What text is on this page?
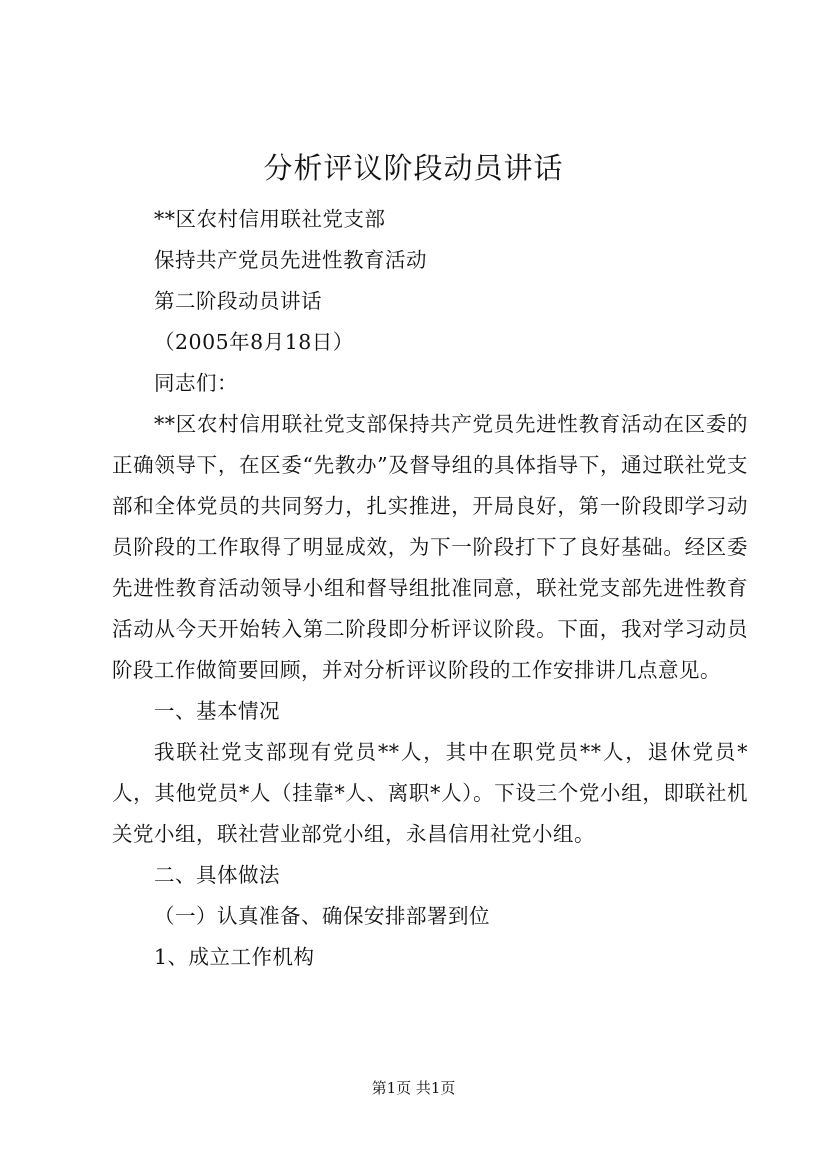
分析评议阶段动员讲话

**区农村信用联社党支部

保持共产党员先进性教育活动

第二阶段动员讲话

（2005年8月18日）

同志们：

**区农村信用联社党支部保持共产党员先进性教育活动在区委的正确领导下，在区委“先教办”及督导组的具体指导下，通过联社党支部和全体党员的共同努力，扎实推进，开局良好，第一阶段即学习动员阶段的工作取得了明显成效，为下一阶段打下了良好基础。经区委先进性教育活动领导小组和督导组批准同意，联社党支部先进性教育活动从今天开始转入第二阶段即分析评议阶段。下面，我对学习动员阶段工作做简要回顾，并对分析评议阶段的工作安排讲几点意见。

一、基本情况

我联社党支部现有党员**人，其中在职党员**人，退休党员*人，其他党员*人（挂靠*人、离职*人）。下设三个党小组，即联社机关党小组，联社营业部党小组，永昌信用社党小组。

二、具体做法

（一）认真准备、确保安排部署到位

1、成立工作机构

第1页 共1页
